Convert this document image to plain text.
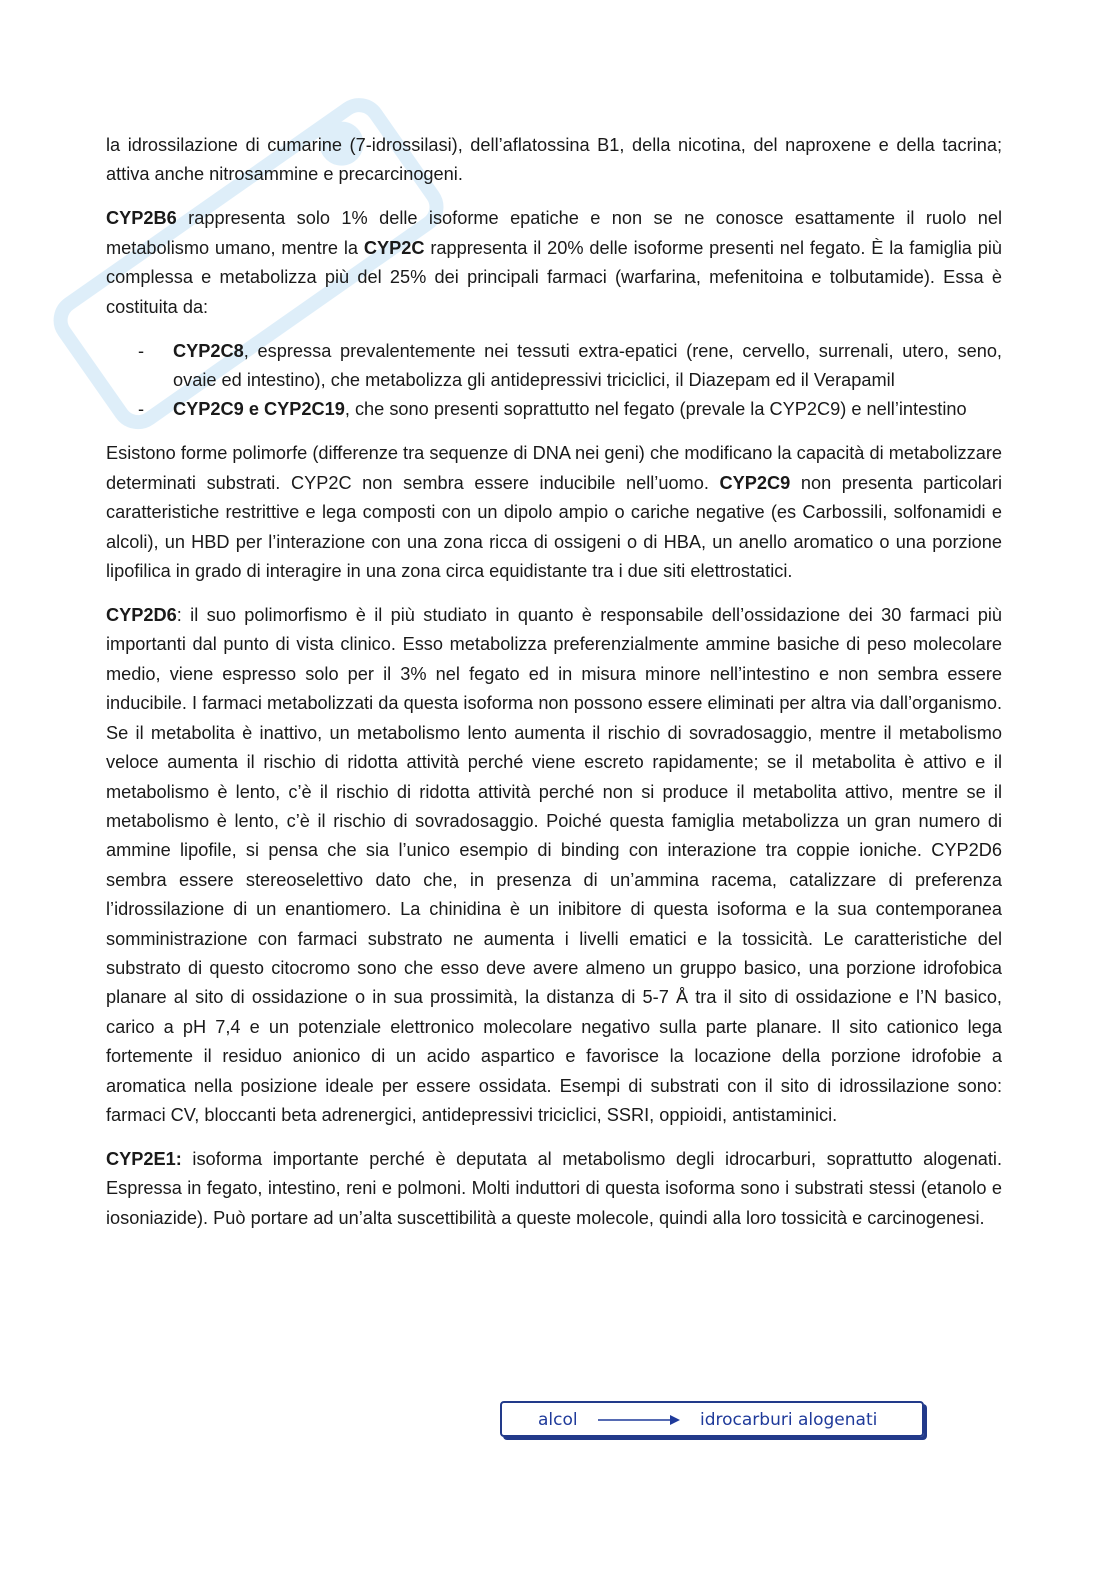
la idrossilazione di cumarine (7-idrossilasi), dell’aflatossina B1, della nicotina, del naproxene e della tacrina; attiva anche nitrosammine e precarcinogeni.

CYP2B6 rappresenta solo 1% delle isoforme epatiche e non se ne conosce esattamente il ruolo nel metabolismo umano, mentre la CYP2C rappresenta il 20% delle isoforme presenti nel fegato. È la famiglia più complessa e metabolizza più del 25% dei principali farmaci (warfarina, mefenitoina e tolbutamide). Essa è costituita da:

- CYP2C8, espressa prevalentemente nei tessuti extra-epatici (rene, cervello, surrenali, utero, seno, ovaie ed intestino), che metabolizza gli antidepressivi triciclici, il Diazepam ed il Verapamil
- CYP2C9 e CYP2C19, che sono presenti soprattutto nel fegato (prevale la CYP2C9) e nell’intestino

Esistono forme polimorfe (differenze tra sequenze di DNA nei geni) che modificano la capacità di metabolizzare determinati substrati. CYP2C non sembra essere inducibile nell’uomo. CYP2C9 non presenta particolari caratteristiche restrittive e lega composti con un dipolo ampio o cariche negative (es Carbossili, solfonamidi e alcoli), un HBD per l’interazione con una zona ricca di ossigeni o di HBA, un anello aromatico o una porzione lipofilica in grado di interagire in una zona circa equidistante tra i due siti elettrostatici.

CYP2D6: il suo polimorfismo è il più studiato in quanto è responsabile dell’ossidazione dei 30 farmaci più importanti dal punto di vista clinico. Esso metabolizza preferenzialmente ammine basiche di peso molecolare medio, viene espresso solo per il 3% nel fegato ed in misura minore nell’intestino e non sembra essere inducibile. I farmaci metabolizzati da questa isoforma non possono essere eliminati per altra via dall’organismo. Se il metabolita è inattivo, un metabolismo lento aumenta il rischio di sovradosaggio, mentre il metabolismo veloce aumenta il rischio di ridotta attività perché viene escreto rapidamente; se il metabolita è attivo e il metabolismo è lento, c’è il rischio di ridotta attività perché non si produce il metabolita attivo, mentre se il metabolismo è lento, c’è il rischio di sovradosaggio. Poiché questa famiglia metabolizza un gran numero di ammine lipofile, si pensa che sia l’unico esempio di binding con interazione tra coppie ioniche. CYP2D6 sembra essere stereoselettivo dato che, in presenza di un’ammina racema, catalizzare di preferenza l’idrossilazione di un enantiomero. La chinidina è un inibitore di questa isoforma e la sua contemporanea somministrazione con farmaci substrato ne aumenta i livelli ematici e la tossicità. Le caratteristiche del substrato di questo citocromo sono che esso deve avere almeno un gruppo basico, una porzione idrofobica planare al sito di ossidazione o in sua prossimità, la distanza di 5-7 Å tra il sito di ossidazione e l’N basico, carico a pH 7,4 e un potenziale elettronico molecolare negativo sulla parte planare. Il sito cationico lega fortemente il residuo anionico di un acido aspartico e favorisce la locazione della porzione idrofobie a aromatica nella posizione ideale per essere ossidata. Esempi di substrati con il sito di idrossilazione sono: farmaci CV, bloccanti beta adrenergici, antidepressivi triciclici, SSRI, oppioidi, antistaminici.

CYP2E1: isoforma importante perché è deputata al metabolismo degli idrocarburi, soprattutto alogenati. Espressa in fegato, intestino, reni e polmoni. Molti induttori di questa isoforma sono i substrati stessi (etanolo e iosoniazide). Può portare ad un’alta suscettibilità a queste molecole, quindi alla loro tossicità e carcinogenesi.

alcol	idrocarburi alogenati
